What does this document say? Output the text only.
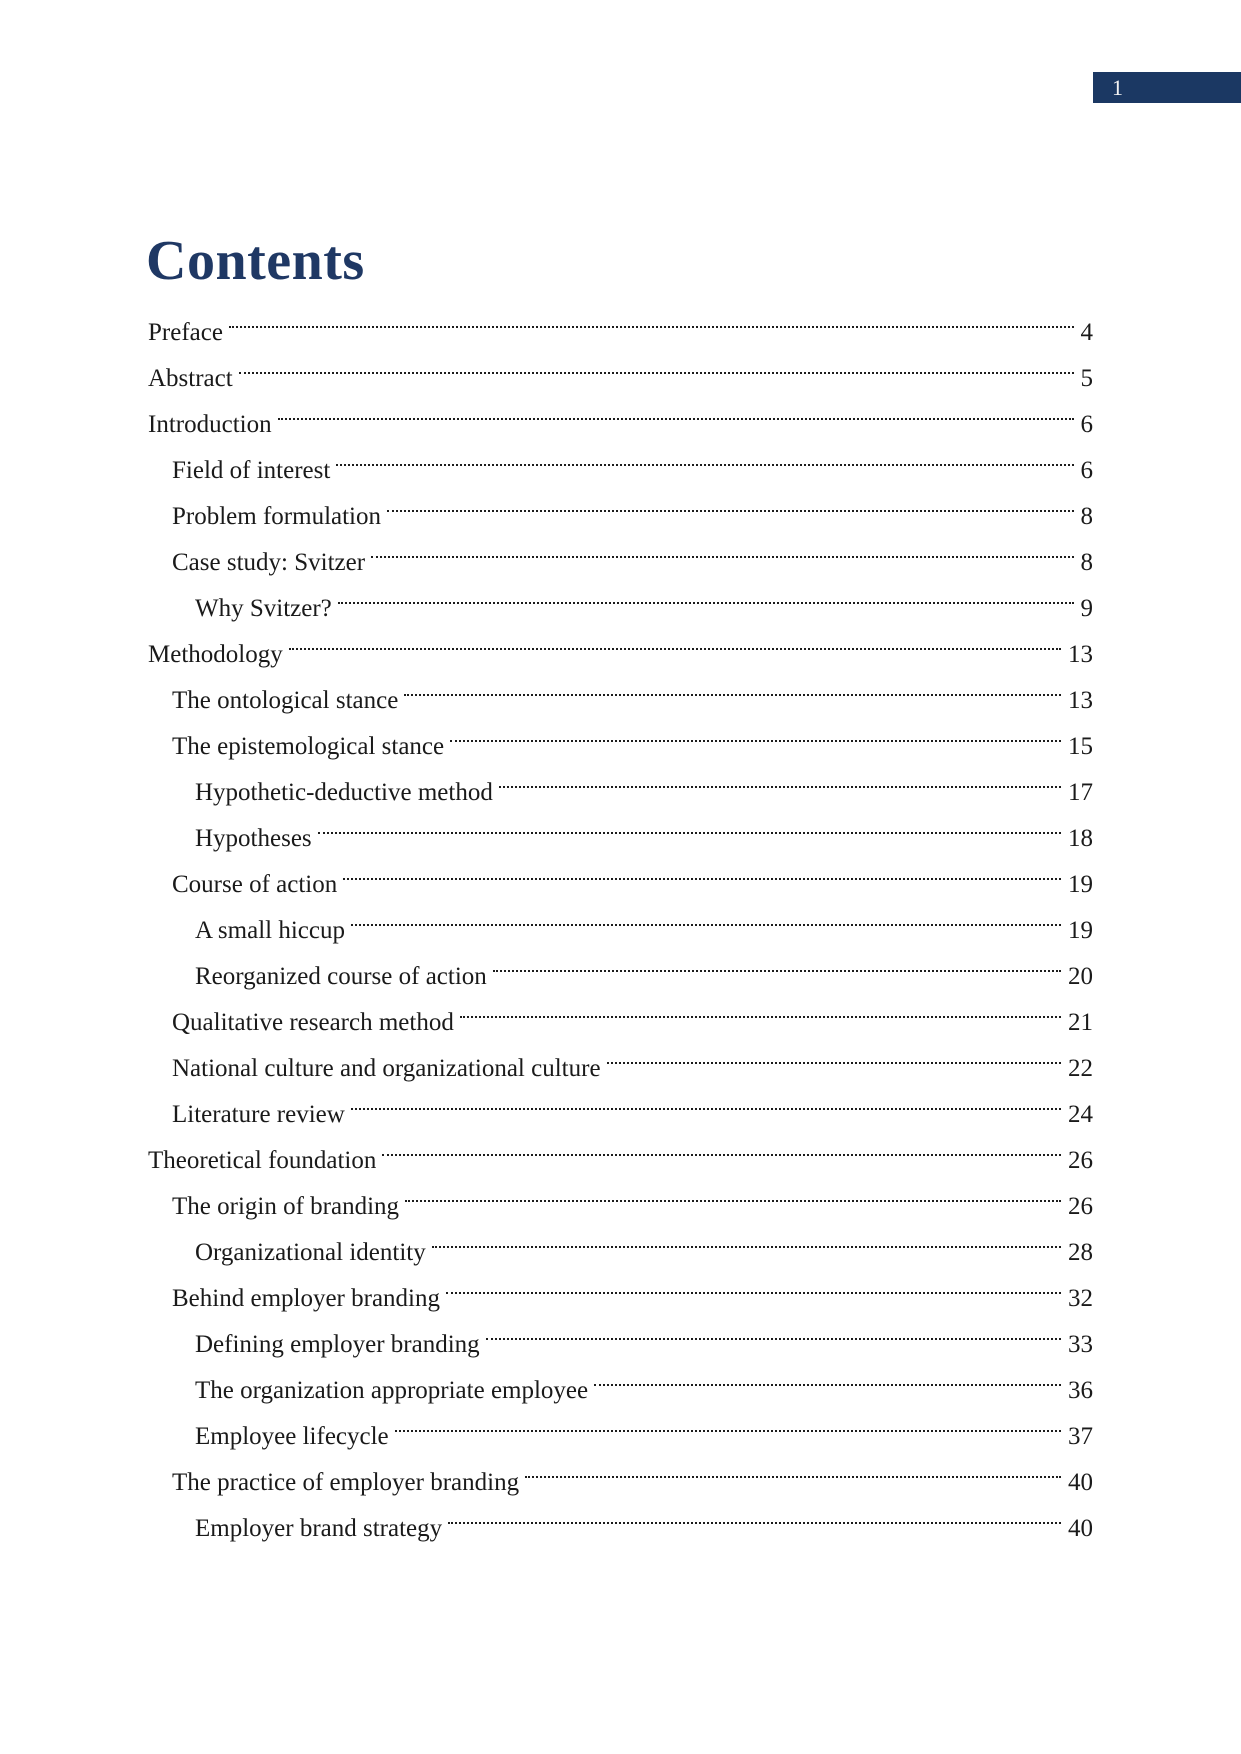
1
Contents
Preface	4
Abstract	5
Introduction	6
Field of interest	6
Problem formulation	8
Case study: Svitzer	8
Why Svitzer?	9
Methodology	13
The ontological stance	13
The epistemological stance	15
Hypothetic-deductive method	17
Hypotheses	18
Course of action	19
A small hiccup	19
Reorganized course of action	20
Qualitative research method	21
National culture and organizational culture	22
Literature review	24
Theoretical foundation	26
The origin of branding	26
Organizational identity	28
Behind employer branding	32
Defining employer branding	33
The organization appropriate employee	36
Employee lifecycle	37
The practice of employer branding	40
Employer brand strategy	40
